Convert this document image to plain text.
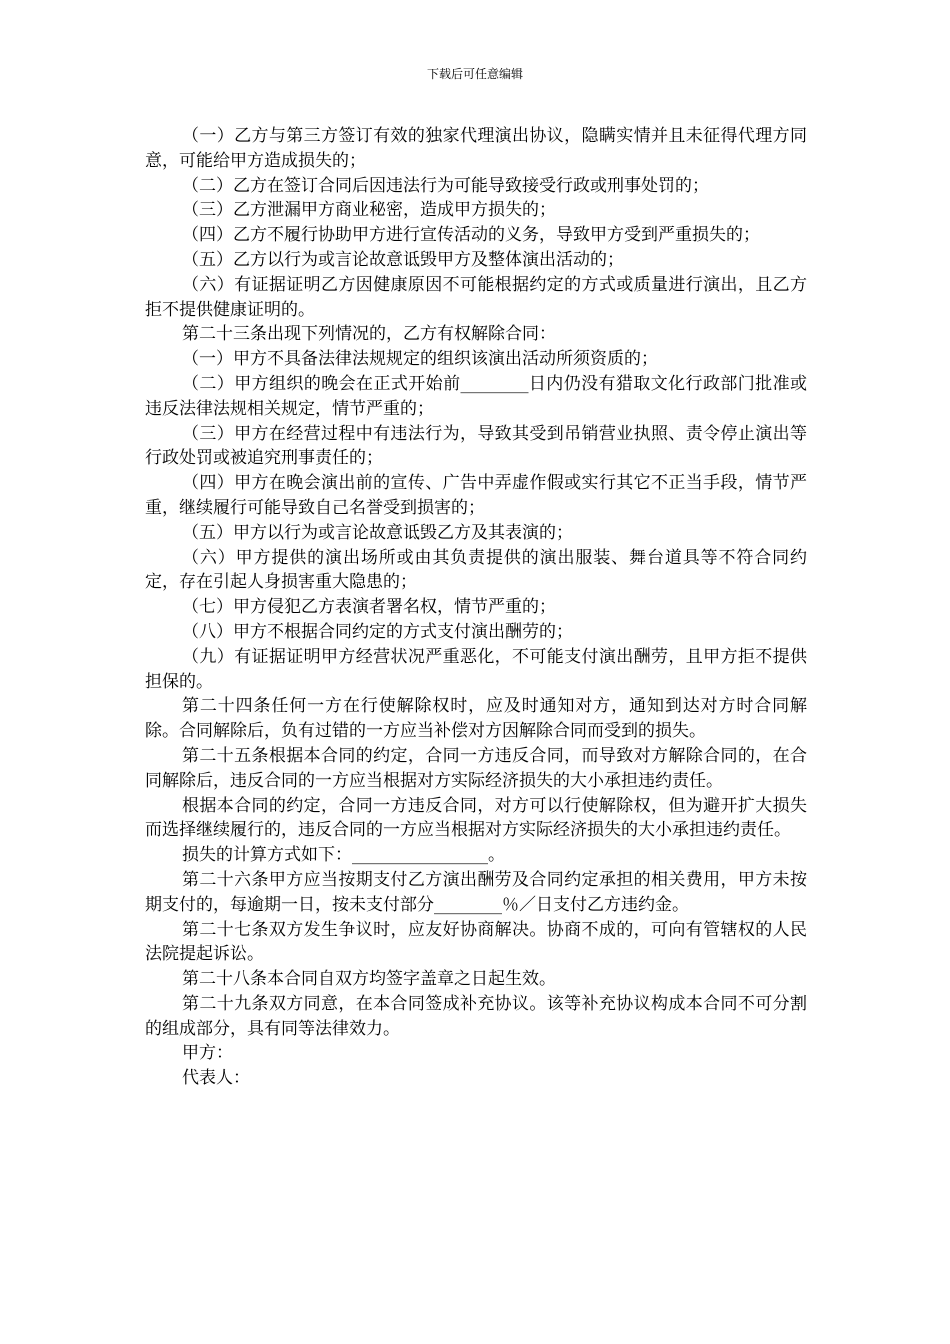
下载后可任意编辑

（一）乙方与第三方签订有效的独家代理演出协议，隐瞒实情并且未征得代理方同意，可能给甲方造成损失的；

（二）乙方在签订合同后因违法行为可能导致接受行政或刑事处罚的；

（三）乙方泄漏甲方商业秘密，造成甲方损失的；

（四）乙方不履行协助甲方进行宣传活动的义务，导致甲方受到严重损失的；

（五）乙方以行为或言论故意诋毁甲方及整体演出活动的；

（六）有证据证明乙方因健康原因不可能根据约定的方式或质量进行演出，且乙方拒不提供健康证明的。

第二十三条出现下列情况的，乙方有权解除合同：

（一）甲方不具备法律法规规定的组织该演出活动所须资质的；

（二）甲方组织的晚会在正式开始前________日内仍没有猎取文化行政部门批准或违反法律法规相关规定，情节严重的；

（三）甲方在经营过程中有违法行为，导致其受到吊销营业执照、责令停止演出等行政处罚或被追究刑事责任的；

（四）甲方在晚会演出前的宣传、广告中弄虚作假或实行其它不正当手段，情节严重，继续履行可能导致自己名誉受到损害的；

（五）甲方以行为或言论故意诋毁乙方及其表演的；

（六）甲方提供的演出场所或由其负责提供的演出服装、舞台道具等不符合同约定，存在引起人身损害重大隐患的；

（七）甲方侵犯乙方表演者署名权，情节严重的；

（八）甲方不根据合同约定的方式支付演出酬劳的；

（九）有证据证明甲方经营状况严重恶化，不可能支付演出酬劳，且甲方拒不提供担保的。

第二十四条任何一方在行使解除权时，应及时通知对方，通知到达对方时合同解除。合同解除后，负有过错的一方应当补偿对方因解除合同而受到的损失。

第二十五条根据本合同的约定，合同一方违反合同，而导致对方解除合同的，在合同解除后，违反合同的一方应当根据对方实际经济损失的大小承担违约责任。

根据本合同的约定，合同一方违反合同，对方可以行使解除权，但为避开扩大损失而选择继续履行的，违反合同的一方应当根据对方实际经济损失的大小承担违约责任。

损失的计算方式如下：________________。

第二十六条甲方应当按期支付乙方演出酬劳及合同约定承担的相关费用，甲方未按期支付的，每逾期一日，按未支付部分________％／日支付乙方违约金。

第二十七条双方发生争议时，应友好协商解决。协商不成的，可向有管辖权的人民法院提起诉讼。

第二十八条本合同自双方均签字盖章之日起生效。

第二十九条双方同意，在本合同签成补充协议。该等补充协议构成本合同不可分割的组成部分，具有同等法律效力。

甲方：

代表人：
